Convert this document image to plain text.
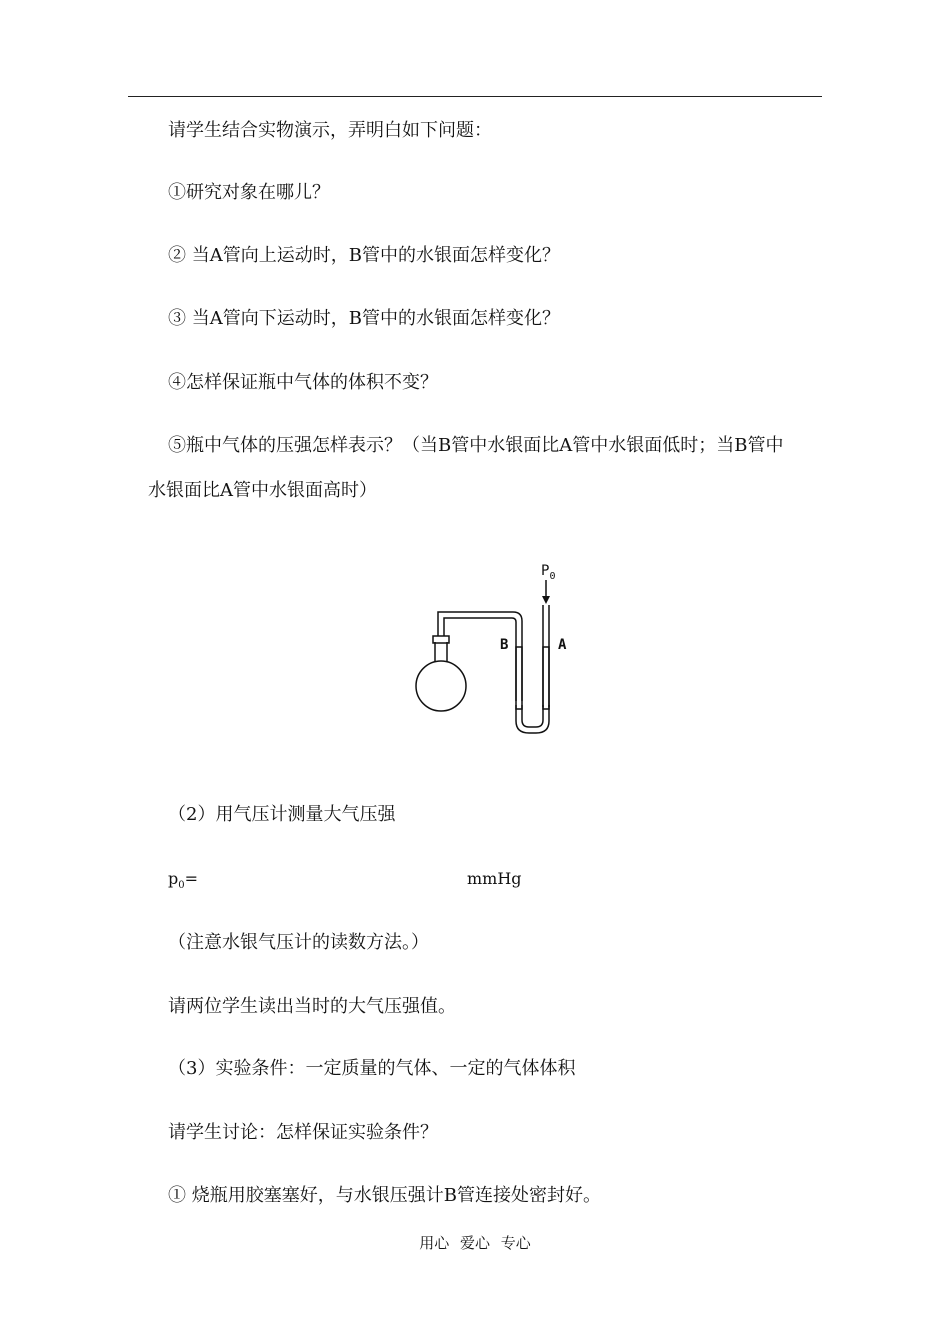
请学生结合实物演示，弄明白如下问题：
①研究对象在哪儿？
② 当A管向上运动时，B管中的水银面怎样变化？
③ 当A管向下运动时，B管中的水银面怎样变化？
④怎样保证瓶中气体的体积不变？
⑤瓶中气体的压强怎样表示？（当B管中水银面比A管中水银面低时；当B管中
水银面比A管中水银面高时）
$P_0$
B	A
（2）用气压计测量大气压强
$p_0=$	mmHg
（注意水银气压计的读数方法。）
请两位学生读出当时的大气压强值。
（3）实验条件：一定质量的气体、一定的气体体积
请学生讨论：怎样保证实验条件？
① 烧瓶用胶塞塞好，与水银压强计B管连接处密封好。
用心 爱心 专心
